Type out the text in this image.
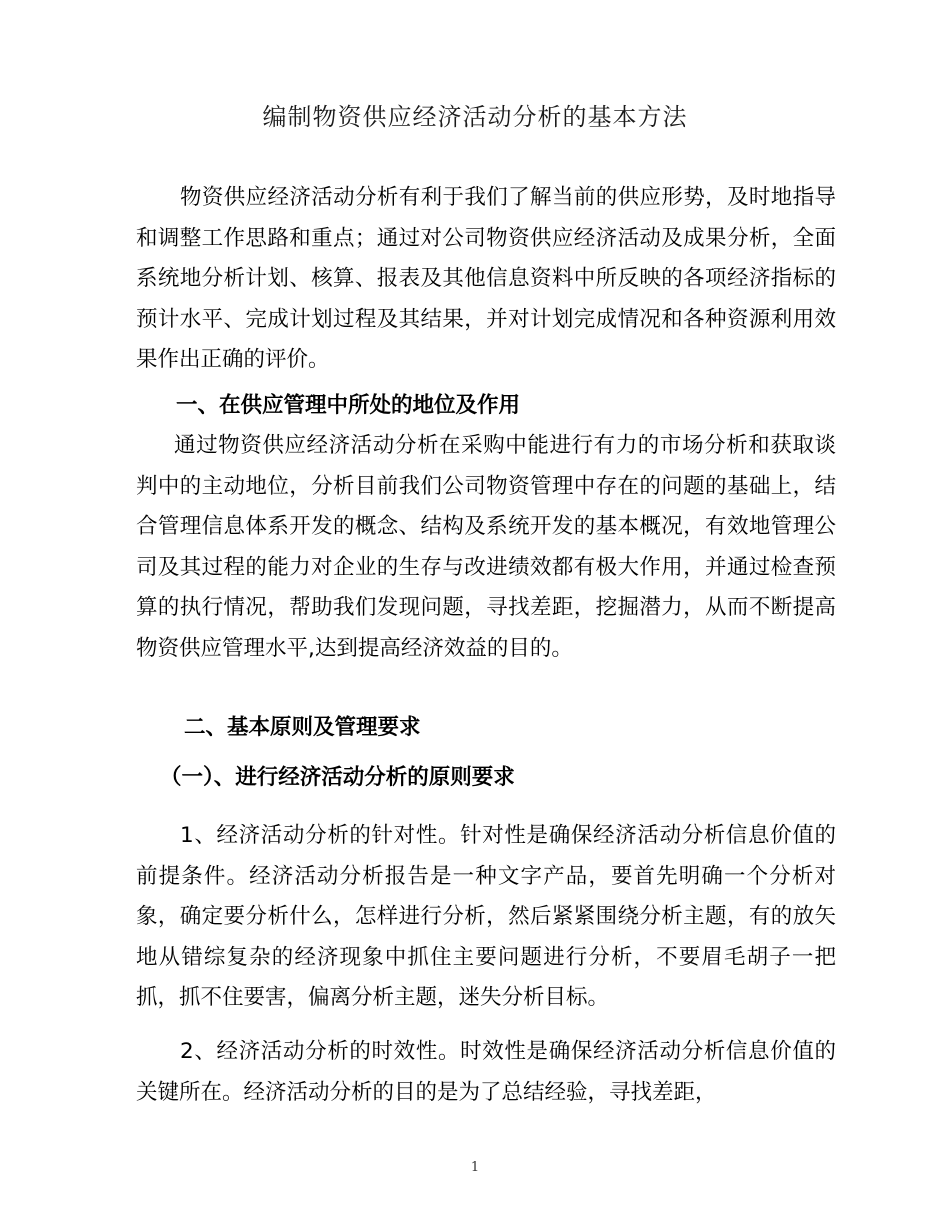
编制物资供应经济活动分析的基本方法

物资供应经济活动分析有利于我们了解当前的供应形势，及时地指导和调整工作思路和重点；通过对公司物资供应经济活动及成果分析，全面系统地分析计划、核算、报表及其他信息资料中所反映的各项经济指标的预计水平、完成计划过程及其结果，并对计划完成情况和各种资源利用效果作出正确的评价。

一、在供应管理中所处的地位及作用

通过物资供应经济活动分析在采购中能进行有力的市场分析和获取谈判中的主动地位，分析目前我们公司物资管理中存在的问题的基础上，结合管理信息体系开发的概念、结构及系统开发的基本概况，有效地管理公司及其过程的能力对企业的生存与改进绩效都有极大作用，并通过检查预算的执行情况，帮助我们发现问题，寻找差距，挖掘潜力，从而不断提高物资供应管理水平,达到提高经济效益的目的。

二、基本原则及管理要求
（一）、进行经济活动分析的原则要求

1、经济活动分析的针对性。针对性是确保经济活动分析信息价值的前提条件。经济活动分析报告是一种文字产品，要首先明确一个分析对象，确定要分析什么，怎样进行分析，然后紧紧围绕分析主题，有的放矢地从错综复杂的经济现象中抓住主要问题进行分析，不要眉毛胡子一把抓，抓不住要害，偏离分析主题，迷失分析目标。

2、经济活动分析的时效性。时效性是确保经济活动分析信息价值的关键所在。经济活动分析的目的是为了总结经验，寻找差距，

1
